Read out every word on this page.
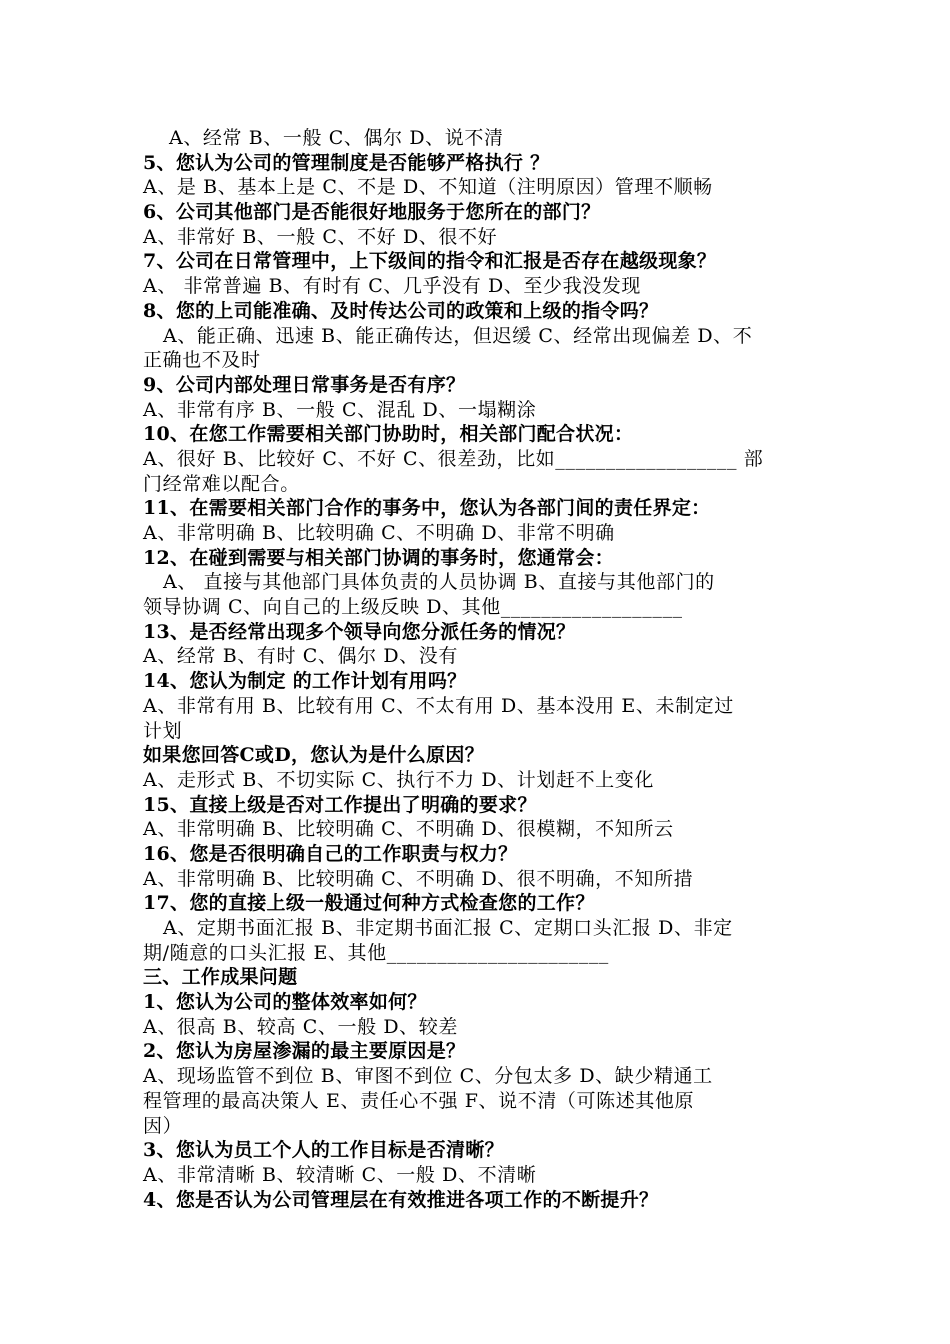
A、经常 B、一般 C、偶尔 D、说不清
5、您认为公司的管理制度是否能够严格执行 ？
A、是 B、基本上是 C、不是 D、不知道（注明原因）管理不顺畅
6、公司其他部门是否能很好地服务于您所在的部门？
A、非常好 B、一般 C、不好 D、很不好
7、公司在日常管理中，上下级间的指令和汇报是否存在越级现象？
A、 非常普遍 B、有时有 C、几乎没有 D、至少我没发现
8、您的上司能准确、及时传达公司的政策和上级的指令吗？
A、能正确、迅速 B、能正确传达，但迟缓 C、经常出现偏差 D、不
正确也不及时
9、公司内部处理日常事务是否有序？
A、非常有序 B、一般 C、混乱 D、一塌糊涂
10、在您工作需要相关部门协助时，相关部门配合状况：
A、很好 B、比较好 C、不好 C、很差劲，比如__________________ 部
门经常难以配合。
11、在需要相关部门合作的事务中，您认为各部门间的责任界定：
A、非常明确 B、比较明确 C、不明确 D、非常不明确
12、在碰到需要与相关部门协调的事务时，您通常会：
A、 直接与其他部门具体负责的人员协调 B、直接与其他部门的
领导协调 C、向自己的上级反映 D、其他__________________
13、是否经常出现多个领导向您分派任务的情况？
A、经常 B、有时 C、偶尔 D、没有
14、您认为制定 的工作计划有用吗？
A、非常有用 B、比较有用 C、不太有用 D、基本没用 E、未制定过
计划
如果您回答C或D，您认为是什么原因？
A、走形式 B、不切实际 C、执行不力 D、计划赶不上变化
15、直接上级是否对工作提出了明确的要求？
A、非常明确 B、比较明确 C、不明确 D、很模糊，不知所云
16、您是否很明确自己的工作职责与权力？
A、非常明确 B、比较明确 C、不明确 D、很不明确，不知所措
17、您的直接上级一般通过何种方式检查您的工作？
A、定期书面汇报 B、非定期书面汇报 C、定期口头汇报 D、非定
期/随意的口头汇报 E、其他______________________
三、工作成果问题
1、您认为公司的整体效率如何？
A、很高 B、较高 C、一般 D、较差
2、您认为房屋渗漏的最主要原因是？
A、现场监管不到位 B、审图不到位 C、分包太多 D、缺少精通工
程管理的最高决策人 E、责任心不强 F、说不清（可陈述其他原
因）
3、您认为员工个人的工作目标是否清晰？
A、非常清晰 B、较清晰 C、一般 D、不清晰
4、您是否认为公司管理层在有效推进各项工作的不断提升？
